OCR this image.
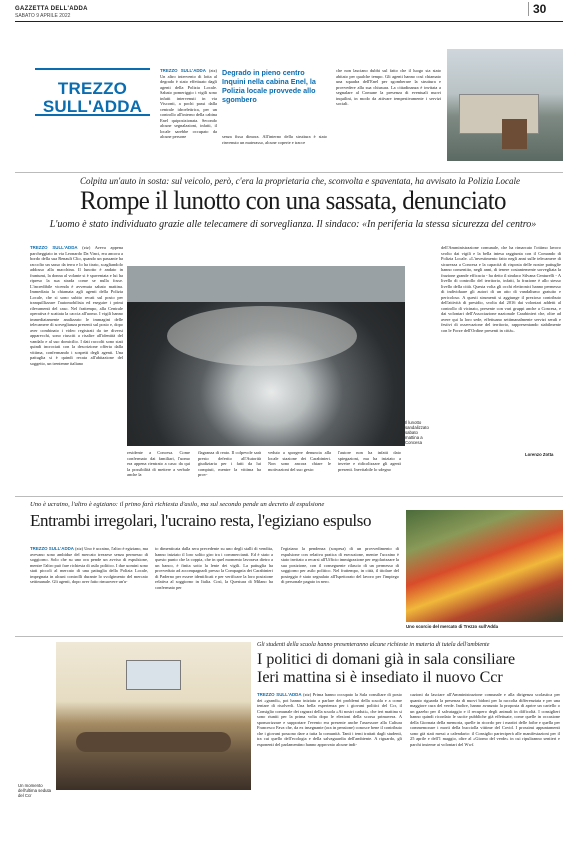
GAZZETTA DELL'ADDA
SABATO 9 APRILE 2022	30
TREZZO
SULL'ADDA
TREZZO SULL'ADDA (ztz) Un altro intervento di lotta al degrado è stato effettuato dagli agenti della Polizia Locale. Sabato pomeriggio i vigili sono infatti intervenuti in via Visconti, a pochi passi dalla centrale idroelettrica, per un controllo all'interno della cabina Enel quiposizionata. Secondo alcune segnalazioni, infatti, il locale sarebbe occupato da alcune persone
Degrado in pieno centro Inquini nella cabina Enel, la Polizia locale provvede allo sgombero
senza fissa dimora. All'interno della struttura è stato rinvenuto un materasso, alcune coperte e tracce
che non lasciano dubbi sul fatto che il luogo sia stato abitato per qualche tempo. Gli agenti hanno così chiamato una squadra dell'Enel per sgomberare la struttura e provvedere alla sua chiusura. La cittadinanza è invitata a segnalare al Comune la presenza di eventuali nuovi inquilini, in modo da attivare tempestivamente i servizi sociali.
Colpita un'auto in sosta: sul veicolo, però, c'era la proprietaria che, sconvolta e spaventata, ha avvisato la Polizia Locale
Rompe il lunotto con una sassata, denunciato
L'uomo è stato individuato grazie alle telecamere di sorveglianza. Il sindaco: «In periferia la stessa sicurezza del centro»
TREZZO SULL'ADDA (ztz) Aveva appena parcheggiato in via Leonardo Da Vinci, era ancora a bordo della sua Renault Clio, quando un passante ha raccolto un sasso da terra e lo ha tirato, scagliandolo addosso alla macchina. Il lunotto è andato in frantumi, la donna al volante si è spaventata e lui ha ripreso la sua strada come se nulla fosse. L'incredibile vicenda è avvenuta sabato mattina. Immediata la chiamata agli agenti della Polizia Locale, che si sono subito recati sul posto per tranquillizzare l'automobilista ed eseguire i primi rilevamenti del caso. Nel frattempo, alla Centrale operativa è scattata la caccia all'uomo. I vigili hanno immediatamente analizzato le immagini delle telecamere di sorveglianza presenti sul posto e, dopo aver combinato i video registrati da tre diversi apparecchi, sono riusciti a risalire all'identità del vandalo e al suo domicilio. I dati raccolti sono stati quindi incrociati con la descrizione offerta dalla vittima, confermando i sospetti degli agenti. Una pattuglia si è quindi recata all'abitazione del soggetto, un trentenne italiano
Il lunotto sandalizzato sabato mattina a Concesa
residente a Concesa. Come confermato dai familiari, l'uomo era appena rientrato a casa: da qui la possibilità di mettere a verbale anche la
flagranza di reato. Il colpevole sarà presto deferito all'Autorità giudiziaria per i fatti da lui compiuti, mentre la vittima ha prov-
veduto a sporgere denuncia alla locale stazione dei Carabinieri. Non sono ancora chiare le motivazioni del suo gesto:
l'autore non ha infatti dato spiegazioni, ma ha iniziato a inveire e ridicolizzare gli agenti presenti. Inevitabile lo sdegno
dell'Amministrazione comunale, che ha rimarcato l'ottimo lavoro svolto dai vigili e la bella intesa raggiunta con il Comando di Polizia Locale. «L'investimento fatto negli anni sulle telecamere di sicurezza a Concesa e la capacità di risposta delle nostre pattuglie hanno consentito, negli anni, di tenere costantemente sorvegliata la frazione grande efficacia - ha detto il sindaco Silvana Centurelli - A livello di controllo del territorio, infatti, la frazione è allo stesso livello della città. Questa volta gli occhi elettronici hanno permesso di individuare gli autori di un atto di vandalismo gratuito e pericoloso. A questi strumenti si aggiunge il prezioso contributo dell'attività di presidio, svolta dal 2016 dai volontari addetti al controllo di vicinato, presente con vari gruppi anche a Concesa, e dai volontari dell'Associazione nazionale Carabinieri che, oltre ad avere qui la loro sede, effettuano settimanalmente servizi serali e festivi di osservazione del territorio, rappresentando stabilmente con le Forze dell'Ordine presenti in città».
Lorenzo Zotta
Uno è ucraino, l'altro è egiziano: il primo farà richiesta d'asilo, ma sul secondo pende un decreto di espulsione
Entrambi irregolari, l'ucraino resta, l'egiziano espulso
TREZZO SULL'ADDA (ztz) Uno è ucraino, l'altro è egiziano, ma avevano sono ambidue del mercato trezzese senza permesso di soggiorno. Solo che su uno ora pende un avviso di espulsione, mentre l'altro può fare richiesta di asilo politico. I due uomini sono stati piccoli al mercato di una pattuglia della Polizia Locale, impegnata in alcuni controlli durante lo svolgimento del mercato settimanale. Gli agenti, dopo aver fatto rimuovere un'u-
to dimenticata dalla sera precedente su uno degli stalli di vendita, hanno iniziato il loro solito giro tra i commercianti. Ed è stato a questo punto che la coppia, che in quel momento lavorava dietro a un banco, è finita sotto la lente dei vigili. La pattuglia ha provveduto ad accompagnarli presso la Compagnia dei Carabinieri di Paderno per essere identificati e per verificare la loro posizione relativa al soggiorno in Italia. Così, la Questura di Milano ha confermato per
l'egiziano la pendenza (sospesa) di un provvedimento di espulsione con relativa pratica di esecuzione, mentre l'ucraino è stato invitato a recarsi all'Ufficio immigrazione per regolarizzare la sua posizione, con il conseguente rilascio di un permesso di soggiorno per asilo politico. Nel frattempo, in città, il titolare del posteggio è stato segnalato all'Ispettorato del lavoro per l'impiego di personale pagato in nero.
Uno scorcio del mercato di Trezzo sull'Adda
Un momento dell'ultima seduta del Ccr
Gli studenti della scuola hanno presenteranno alcune richieste in materia di tutela dell'ambiente
I politici di domani già in sala consiliare
Ieri mattina si è insediato il nuovo Ccr
TREZZO SULL'ADDA (ztz) Prima hanno occupato la Sala consiliare di posto dei «grandi», poi hanno iniziato a parlare dei problemi della scuola e a come tentare di risolverli. Una bella esperienza per i giovani politici del Ccr, il Consiglio comunale dei ragazzi della scuola «Ai nostri caduti», che ieri mattina si sono riuniti per la prima volta dopo le elezioni della scorsa primavera. A sponsorizzare e supportare l'evento era presente anche l'assessore alla Cultura Francesco Fava che, da ex insegnante (ora in pensione) conosce bene il contributo che i giovani possono dare a tutta la comunità. Tanti i temi trattati dagli studenti, tra cui quello dell'ecologia e della salvaguardia dell'ambiente. A riguardo, gli esponenti del parlamentino hanno approvato alcune indi-
cazioni da lasciare all'Amministrazione comunale e alla dirigenza scolastica per quanto riguarda la presenza di nuovi bidoni per la raccolta differenziata e per una maggiore cura del verde. Inoltre, hanno avanzato la proposta di aprire un cartello o un gazebo per il salvataggio e il recupero degli animali in difficoltà. I consiglieri hanno quindi ricordato le uscite pubbliche già effettuate, come quelle in occasione della Giornata della memoria, quelle in ricordo per i martiri delle foibe e quella per commemorare i morti della bucciolla vittime del Covid. I prossimi appuntamenti sono già stati messi a calendario: il Consiglio parteciperà alle manifestazioni per il 25 aprile e dell'1 maggio, oltre al «Giorno del verde» in cui ripuliranno sentieri e parchi insieme ai volontari del Wwf.
